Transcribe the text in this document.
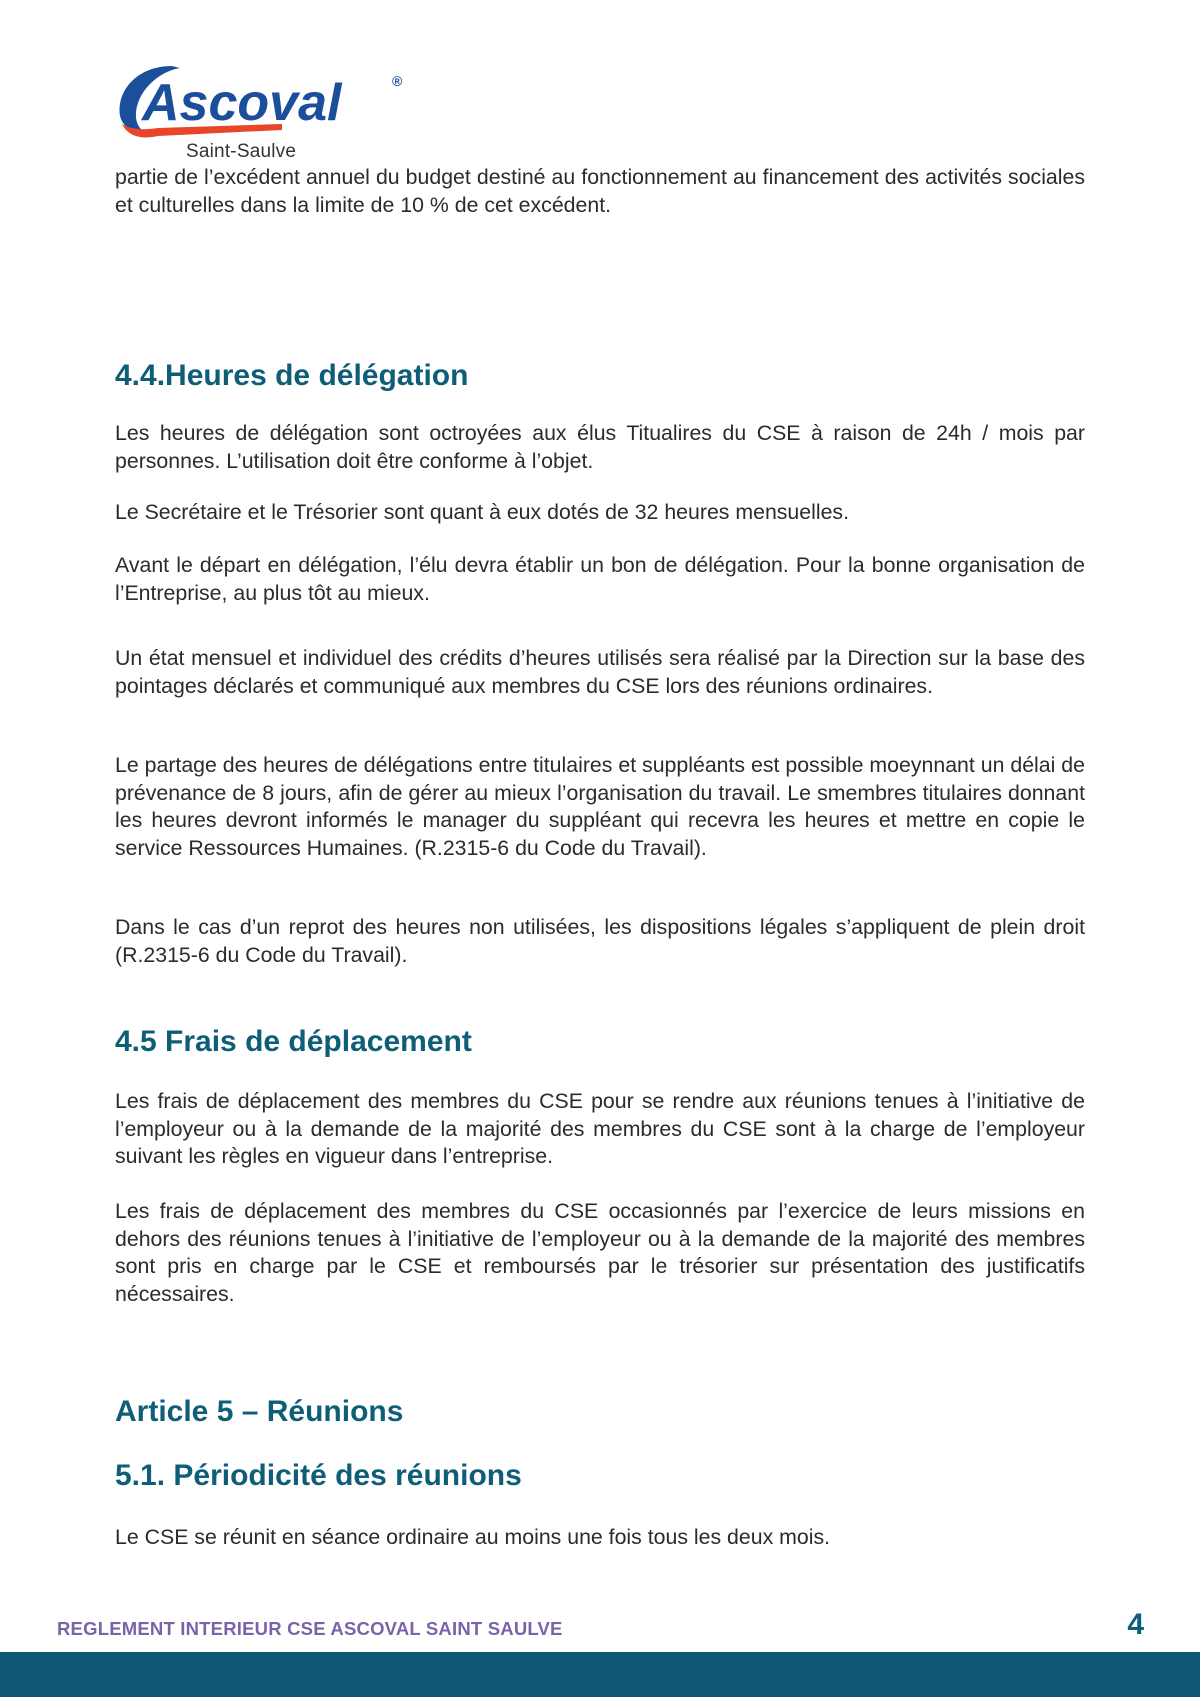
Ascoval	®
Saint-Saulve

partie de l’excédent annuel du budget destiné au fonctionnement au financement des activités sociales et culturelles dans la limite de 10 % de cet excédent.

4.4.Heures de délégation

Les heures de délégation sont octroyées aux élus Titualires du CSE à raison de 24h / mois par personnes. L’utilisation doit être conforme à l’objet.

Le Secrétaire et le Trésorier sont quant à eux dotés de 32 heures mensuelles.

Avant le départ en délégation, l’élu devra établir un bon de délégation. Pour la bonne organisation de l’Entreprise, au plus tôt au mieux.

Un état mensuel et individuel des crédits d’heures utilisés sera réalisé par la Direction sur la base des pointages déclarés et communiqué aux membres du CSE lors des réunions ordinaires.

Le partage des heures de délégations entre titulaires et suppléants est possible moeynnant un délai de prévenance de 8 jours, afin de gérer au mieux l’organisation du travail. Le smembres titulaires donnant les heures devront informés le manager du suppléant qui recevra les heures et mettre en copie le service Ressources Humaines. (R.2315-6 du Code du Travail).

Dans le cas d’un reprot des heures non utilisées, les dispositions légales s’appliquent de plein droit (R.2315-6 du Code du Travail).

4.5 Frais de déplacement

Les frais de déplacement des membres du CSE pour se rendre aux réunions tenues à l’initiative de l’employeur ou à la demande de la majorité des membres du CSE sont à la charge de l’employeur suivant les règles en vigueur dans l’entreprise.

Les frais de déplacement des membres du CSE occasionnés par l’exercice de leurs missions en dehors des réunions tenues à l’initiative de l’employeur ou à la demande de la majorité des membres sont pris en charge par le CSE et remboursés par le trésorier sur présentation des justificatifs nécessaires.

Article 5 – Réunions
5.1. Périodicité des réunions

Le CSE se réunit en séance ordinaire au moins une fois tous les deux mois.

REGLEMENT INTERIEUR CSE ASCOVAL SAINT SAULVE	4
